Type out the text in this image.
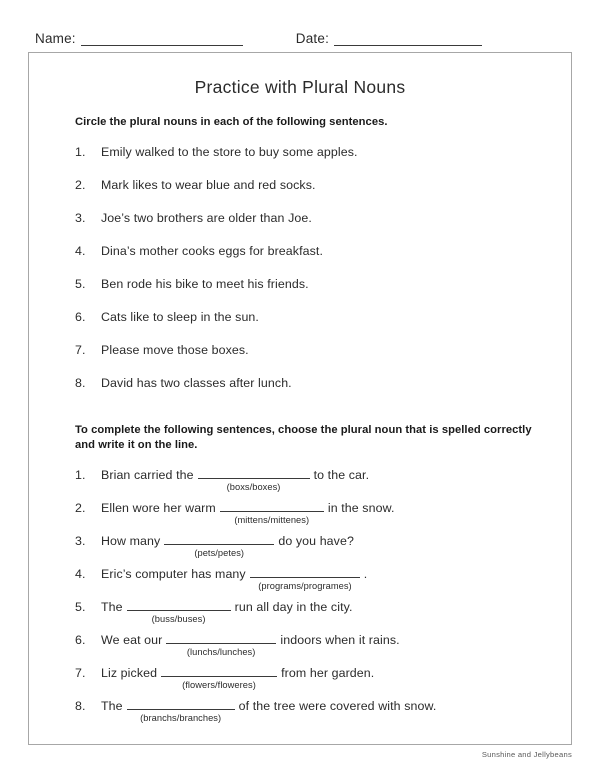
Name:	Date:
Practice with Plural Nouns

Circle the plural nouns in each of the following sentences.

1.	Emily walked to the store to buy some apples.
2.	Mark likes to wear blue and red socks.
3.	Joe’s two brothers are older than Joe.
4.	Dina’s mother cooks eggs for breakfast.
5.	Ben rode his bike to meet his friends.
6.	Cats like to sleep in the sun.
7.	Please move those boxes.
8.	David has two classes after lunch.

To complete the following sentences, choose the plural noun that is spelled correctly and write it on the line.

1.	Brian carried the	to the car.
(boxs/boxes)
2.	Ellen wore her warm	in the snow.
(mittens/mittenes)
3.	How many	do you have?
(pets/petes)
4.	Eric’s computer has many	.
(programs/programes)
5.	The	run all day in the city.
(buss/buses)
6.	We eat our	indoors when it rains.
(lunchs/lunches)
7.	Liz picked	from her garden.
(flowers/floweres)
8.	The	of the tree were covered with snow.
(branchs/branches)
Sunshine and Jellybeans
